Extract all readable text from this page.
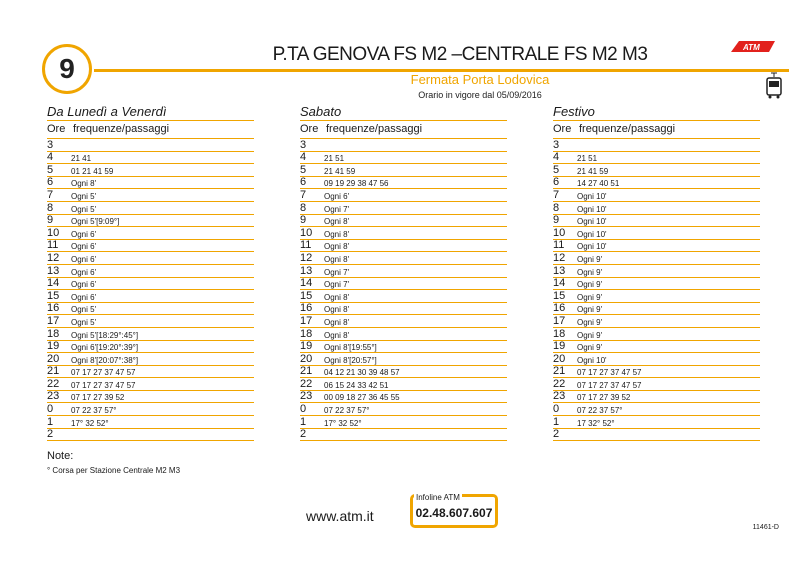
9	P.TA GENOVA FS M2 –CENTRALE FS M2 M3	ATM
Fermata Porta Lodovica
Orario in vigore dal 05/09/2016
Da Lunedì a Venerdì
Ore frequenze/passaggi
3
4	21 41
5	01 21 41 59
6	Ogni 8'
7	Ogni 5'
8	Ogni 5'
9	Ogni 5'[9:09°]
10	Ogni 6'
11	Ogni 6'
12	Ogni 6'
13	Ogni 6'
14	Ogni 6'
15	Ogni 6'
16	Ogni 5'
17	Ogni 5'
18	Ogni 5'[18:29°:45°]
19	Ogni 6'[19:20°:39°]
20	Ogni 8'[20:07°:38°]
21	07 17 27 37 47 57
22	07 17 27 37 47 57
23	07 17 27 39 52
0	07 22 37 57°
1	17° 32 52°
2
Sabato
Ore frequenze/passaggi
3
4	21 51
5	21 41 59
6	09 19 29 38 47 56
7	Ogni 6'
8	Ogni 7'
9	Ogni 8'
10	Ogni 8'
11	Ogni 8'
12	Ogni 8'
13	Ogni 7'
14	Ogni 7'
15	Ogni 8'
16	Ogni 8'
17	Ogni 8'
18	Ogni 8'
19	Ogni 8'[19:55°]
20	Ogni 8'[20:57°]
21	04 12 21 30 39 48 57
22	06 15 24 33 42 51
23	00 09 18 27 36 45 55
0	07 22 37 57°
1	17° 32 52°
2
Festivo
Ore frequenze/passaggi
3
4	21 51
5	21 41 59
6	14 27 40 51
7	Ogni 10'
8	Ogni 10'
9	Ogni 10'
10	Ogni 10'
11	Ogni 10'
12	Ogni 9'
13	Ogni 9'
14	Ogni 9'
15	Ogni 9'
16	Ogni 9'
17	Ogni 9'
18	Ogni 9'
19	Ogni 9'
20	Ogni 10'
21	07 17 27 37 47 57
22	07 17 27 37 47 57
23	07 17 27 39 52
0	07 22 37 57°
1	17 32° 52°
2
Note:
° Corsa per Stazione Centrale M2 M3
www.atm.it
Infoline ATM
02.48.607.607
11461-D
